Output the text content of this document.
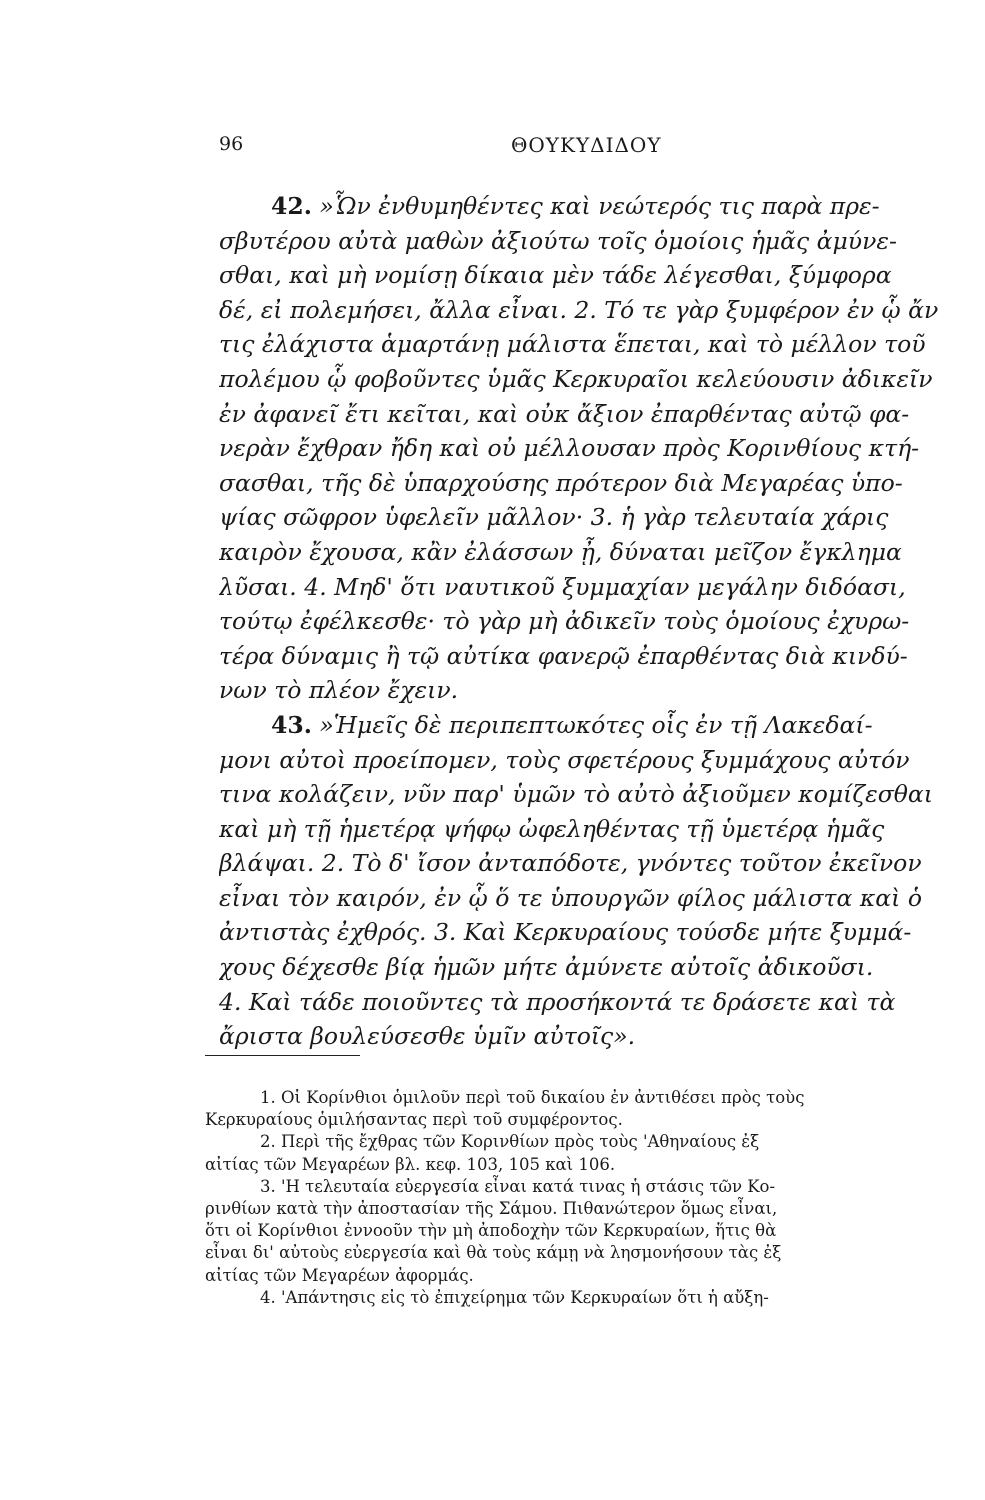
96	ΘΟΥΚΥΔΙΔΟΥ
42. »Ὧν ἐνθυμηθέντες καὶ νεώτερός τις παρὰ πρε-
σβυτέρου αὐτὰ μαθὼν ἀξιούτω τοῖς ὁμοίοις ἡμᾶς ἀμύνε-
σθαι, καὶ μὴ νομίσῃ δίκαια μὲν τάδε λέγεσθαι, ξύμφορα
δέ, εἰ πολεμήσει, ἄλλα εἶναι. 2. Τό τε γὰρ ξυμφέρον ἐν ᾧ ἄν
τις ἐλάχιστα ἁμαρτάνῃ μάλιστα ἕπεται, καὶ τὸ μέλλον τοῦ
πολέμου ᾧ φοβοῦντες ὑμᾶς Κερκυραῖοι κελεύουσιν ἀδικεῖν
ἐν ἀφανεῖ ἔτι κεῖται, καὶ οὐκ ἄξιον ἐπαρθέντας αὐτῷ φα-
νερὰν ἔχθραν ἤδη καὶ οὐ μέλλουσαν πρὸς Κορινθίους κτή-
σασθαι, τῆς δὲ ὑπαρχούσης πρότερον διὰ Μεγαρέας ὑπο-
ψίας σῶφρον ὑφελεῖν μᾶλλον· 3. ἡ γὰρ τελευταία χάρις
καιρὸν ἔχουσα, κἂν ἐλάσσων ᾖ, δύναται μεῖζον ἔγκλημα
λῦσαι. 4. Μηδ' ὅτι ναυτικοῦ ξυμμαχίαν μεγάλην διδόασι,
τούτῳ ἐφέλκεσθε· τὸ γὰρ μὴ ἀδικεῖν τοὺς ὁμοίους ἐχυρω-
τέρα δύναμις ἢ τῷ αὐτίκα φανερῷ ἐπαρθέντας διὰ κινδύ-
νων τὸ πλέον ἔχειν.
43. »Ἡμεῖς δὲ περιπεπτωκότες οἷς ἐν τῇ Λακεδαί-
μονι αὐτοὶ προείπομεν, τοὺς σφετέρους ξυμμάχους αὐτόν
τινα κολάζειν, νῦν παρ' ὑμῶν τὸ αὐτὸ ἀξιοῦμεν κομίζεσθαι
καὶ μὴ τῇ ἡμετέρᾳ ψήφῳ ὠφεληθέντας τῇ ὑμετέρᾳ ἡμᾶς
βλάψαι. 2. Τὸ δ' ἴσον ἀνταπόδοτε, γνόντες τοῦτον ἐκεῖνον
εἶναι τὸν καιρόν, ἐν ᾧ ὅ τε ὑπουργῶν φίλος μάλιστα καὶ ὁ
ἀντιστὰς ἐχθρός. 3. Καὶ Κερκυραίους τούσδε μήτε ξυμμά-
χους δέχεσθε βίᾳ ἡμῶν μήτε ἀμύνετε αὐτοῖς ἀδικοῦσι.
4. Καὶ τάδε ποιοῦντες τὰ προσήκοντά τε δράσετε καὶ τὰ
ἄριστα βουλεύσεσθε ὑμῖν αὐτοῖς».
1. Οἱ Κορίνθιοι ὁμιλοῦν περὶ τοῦ δικαίου ἐν ἀντιθέσει πρὸς τοὺς
Κερκυραίους ὁμιλήσαντας περὶ τοῦ συμφέροντος.
2. Περὶ τῆς ἔχθρας τῶν Κορινθίων πρὸς τοὺς 'Αθηναίους ἐξ
αἰτίας τῶν Μεγαρέων βλ. κεφ. 103, 105 καὶ 106.
3. 'Η τελευταία εὐεργεσία εἶναι κατά τινας ἡ στάσις τῶν Κο-
ρινθίων κατὰ τὴν ἀποστασίαν τῆς Σάμου. Πιθανώτερον ὅμως εἶναι,
ὅτι οἱ Κορίνθιοι ἐννοοῦν τὴν μὴ ἀποδοχὴν τῶν Κερκυραίων, ἥτις θὰ
εἶναι δι' αὐτοὺς εὐεργεσία καὶ θὰ τοὺς κάμῃ νὰ λησμονήσουν τὰς ἐξ
αἰτίας τῶν Μεγαρέων ἀφορμάς.
4. 'Απάντησις εἰς τὸ ἐπιχείρημα τῶν Κερκυραίων ὅτι ἡ αὔξη-
